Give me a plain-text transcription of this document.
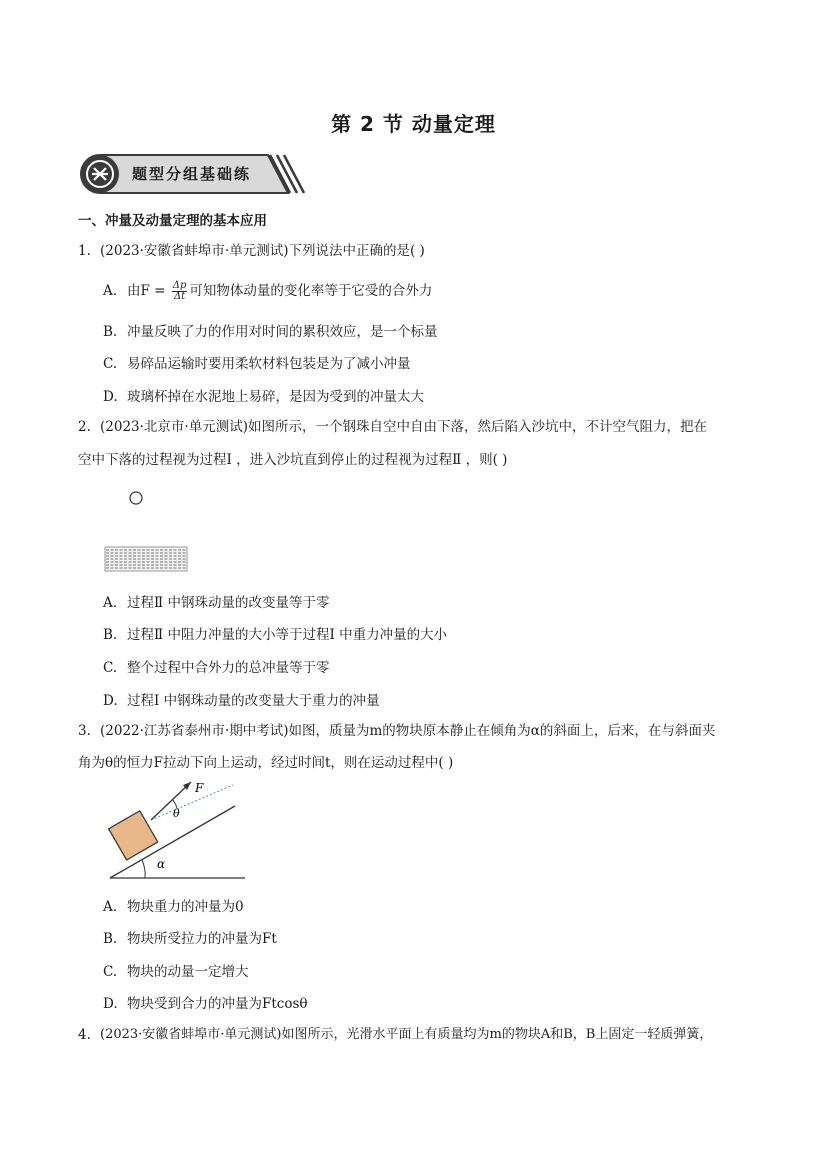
第 2 节 动量定理
题型分组基础练
一、冲量及动量定理的基本应用
1. (2023·安徽省蚌埠市·单元测试)下列说法中正确的是( )
A. 由$F = \frac{\Delta p}{\Delta t}$ 可知物体动量的变化率等于它受的合外力
B. 冲量反映了力的作用对时间的累积效应，是一个标量
C. 易碎品运输时要用柔软材料包装是为了减小冲量
D. 玻璃杯掉在水泥地上易碎，是因为受到的冲量太大
2. (2023·北京市·单元测试)如图所示，一个钢珠自空中自由下落，然后陷入沙坑中，不计空气阻力，把在
空中下落的过程视为过程Ⅰ ，进入沙坑直到停止的过程视为过程Ⅱ ，则( )
A. 过程Ⅱ 中钢珠动量的改变量等于零
B. 过程Ⅱ 中阻力冲量的大小等于过程Ⅰ 中重力冲量的大小
C. 整个过程中合外力的总冲量等于零
D. 过程Ⅰ 中钢珠动量的改变量大于重力的冲量
3. (2022·江苏省泰州市·期中考试)如图，质量为m的物块原本静止在倾角为α的斜面上，后来，在与斜面夹
角为θ的恒力F拉动下向上运动，经过时间t，则在运动过程中( )
α
θ
F
A. 物块重力的冲量为0
B. 物块所受拉力的冲量为Ft
C. 物块的动量一定增大
D. 物块受到合力的冲量为Ftcosθ
4. (2023·安徽省蚌埠市·单元测试)如图所示，光滑水平面上有质量均为m的物块A和B，B上固定一轻质弹簧，
